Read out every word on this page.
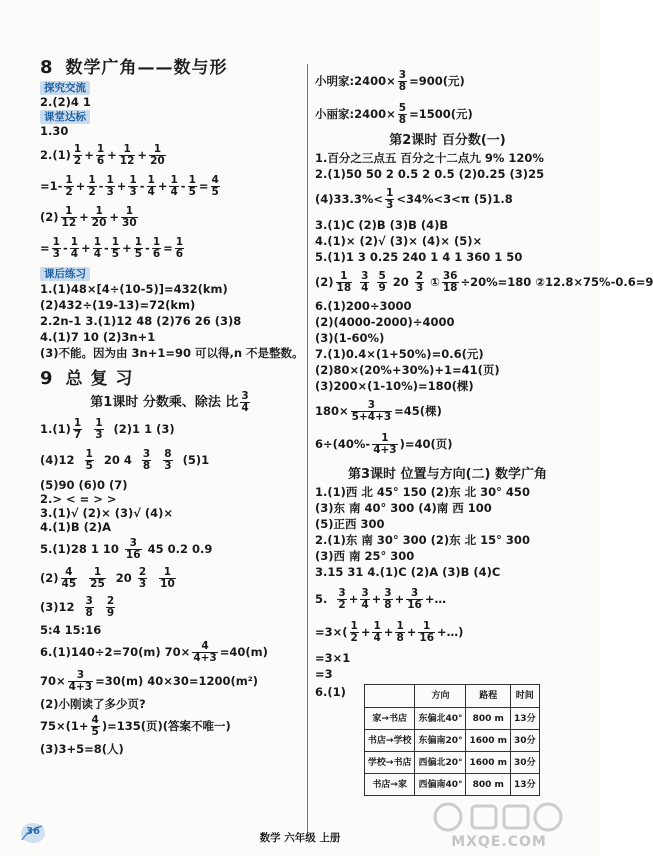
8 数学广角——数与形
探究交流
2.(2)4 1
课堂达标
1.30
$2.(1) \frac{1}{2} + \frac{1}{6} + \frac{1}{12} + \frac{1}{20}$
$=1- \frac{1}{2} + \frac{1}{2} - \frac{1}{3} + \frac{1}{3} - \frac{1}{4} + \frac{1}{4} - \frac{1}{5} = \frac{4}{5}$
$(2) \frac{1}{12} + \frac{1}{20} + \frac{1}{30}$
= $\frac{1}{3} - \frac{1}{4} + \frac{1}{4} - \frac{1}{5} + \frac{1}{5} - \frac{1}{6} = \frac{1}{6}$
课后练习
1.(1)48×[4÷(10-5)]=432(km)
(2)432÷(19-13)=72(km)
2.2n-1 3.(1)12 48 (2)76 26 (3)8
4.(1)7 10 (2)3n+1
(3)不能。因为由 3n+1=90 可以得,n 不是整数。
9 总 复 习
第1课时 分数乘、除法 比 $\frac{3}{4}$
$1.(1) \frac{1}{7}$
$\frac{1}{3} (2)1$ 1 (3)
$(4)12 \frac{1}{5} 20$ $4 \frac{3}{8}$
$\frac{8}{3} (5)1$
(5)90 (6)0 (7)
2.> < = > >
3.(1)√ (2)× (3)√ (4)×
4.(1)B (2)A
5.(1)28 1 $10 \frac{3}{16} 45$ 0.2 0.9
$(2) \frac{4}{45}$
$\frac{1}{25} 20 \frac{2}{3}$
$\frac{1}{10}$
$(3)12 \frac{3}{8}$
$\frac{2}{9}$
5:4 15:16
6.(1)140÷2=70(m) $70\times \frac{4}{4+3} =40(m)$
$70\times \frac{3}{4+3} =30(m)$ 40×30=1200(m²)
(2)小刚读了多少页?
$75\times(1+ \frac{4}{5} )=135$(页)(答案不唯一)
(3)3+5=8(人)
小明家:2400× $\frac{3}{8} =900$(元)
小丽家:2400× $\frac{5}{8} =1500$(元)
第2课时 百分数(一)
1.百分之三点五 百分之十二点九 9% 120%
2.(1)50 50 2 0.5 2 0.5 (2)0.25 (3)25
$(4)33.3\%< \frac{1}{3} <34\%<3<\pi$ (5)1.8
3.(1)C (2)B (3)B (4)B
4.(1)× (2)√ (3)× (4)× (5)×
5.(1)1 3 0.25 240 1 4 1 360 1 50
$(2) \frac{1}{18}$
$\frac{3}{4}$
$\frac{5}{9} 20 \frac{2}{3}$ ① $\frac{36}{18} \div 20\%=180$ ②12.8×75%-0.6=9
6.(1)200÷3000
(2)(4000-2000)÷4000
(3)(1-60%)
7.(1)0.4×(1+50%)=0.6(元)
(2)80×(20%+30%)+1=41(页)
(3)200×(1-10%)=180(棵)
$180\times \frac{3}{5+4+3} =45$(棵)
$6\div(40\%- \frac{1}{4+3} )=40$(页)
第3课时 位置与方向(二) 数学广角
1.(1)西 北 45° 150 (2)东 北 30° 450
(3)东 南 40° 300 (4)南 西 100
(5)正西 300
2.(1)东 南 30° 300 (2)东 北 15° 300
(3)西 南 25° 300
3.15 31 4.(1)C (2)A (3)B (4)C
5. $\frac{3}{2} + \frac{3}{4} + \frac{3}{8} + \frac{3}{16}$ +…
$=3\times( \frac{1}{2} + \frac{1}{4} + \frac{1}{8} + \frac{1}{16}$ +…)
=3×1
=3
6.(1)		方向	路程	时间
家→书店	东偏北40°	800 m	13分
书店→学校	东偏南20°	1600 m	30分
学校→书店	西偏北20°	1600 m	30分
书店→家	西偏南40°	800 m	13分
36
数学 六年级 上册	MXQE.COM
